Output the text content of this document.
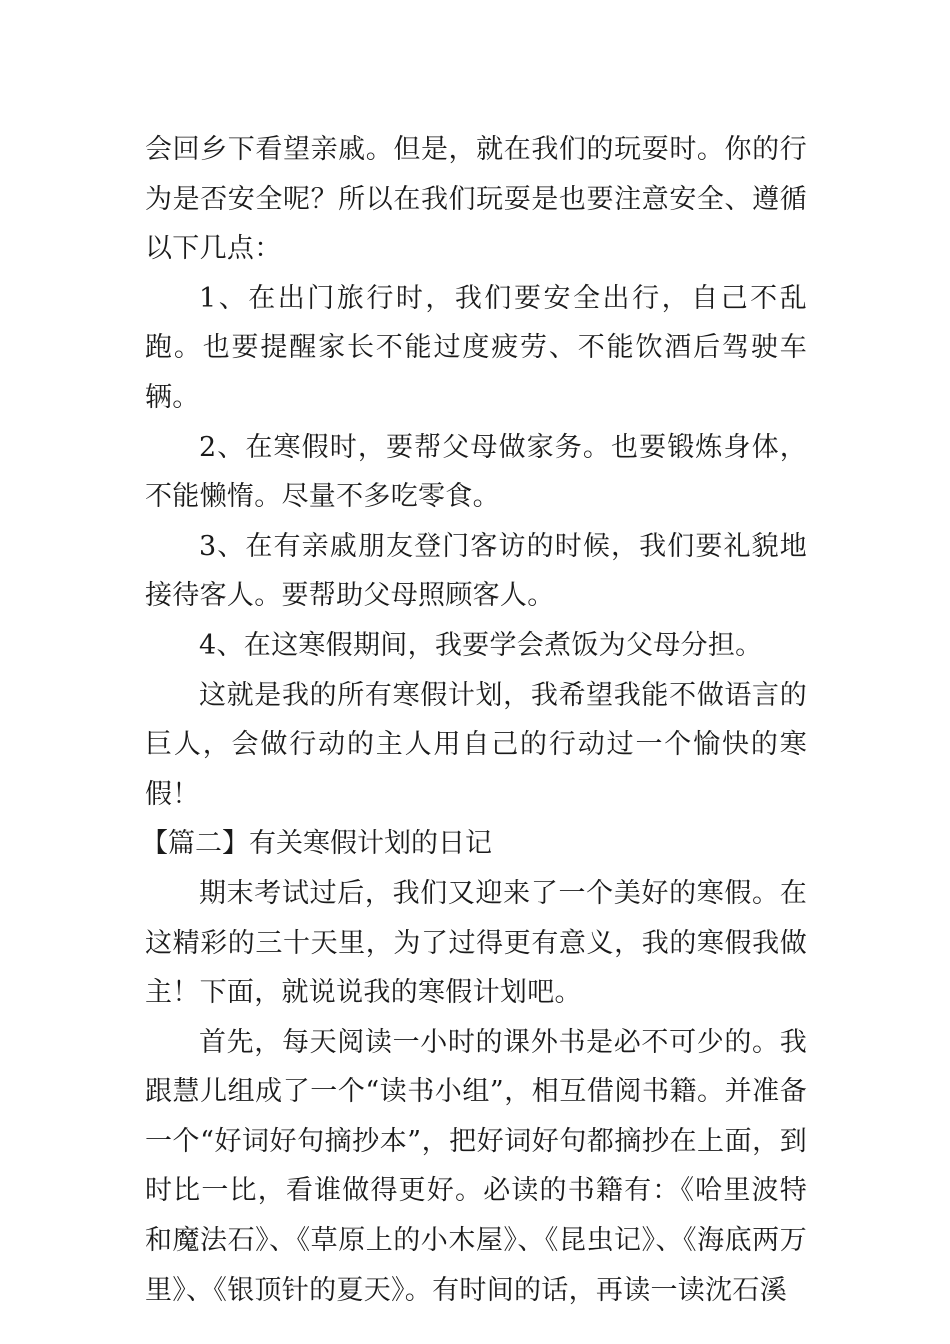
会回乡下看望亲戚。但是，就在我们的玩耍时。你的行为是否安全呢？所以在我们玩耍是也要注意安全、遵循以下几点：

1、在出门旅行时，我们要安全出行，自己不乱跑。也要提醒家长不能过度疲劳、不能饮酒后驾驶车辆。

2、在寒假时，要帮父母做家务。也要锻炼身体，不能懒惰。尽量不多吃零食。

3、在有亲戚朋友登门客访的时候，我们要礼貌地接待客人。要帮助父母照顾客人。

4、在这寒假期间，我要学会煮饭为父母分担。

这就是我的所有寒假计划，我希望我能不做语言的巨人，会做行动的主人用自己的行动过一个愉快的寒假！

【篇二】有关寒假计划的日记

期末考试过后，我们又迎来了一个美好的寒假。在这精彩的三十天里，为了过得更有意义，我的寒假我做主！下面，就说说我的寒假计划吧。

首先，每天阅读一小时的课外书是必不可少的。我跟慧儿组成了一个“读书小组”，相互借阅书籍。并准备一个“好词好句摘抄本”，把好词好句都摘抄在上面，到时比一比，看谁做得更好。必读的书籍有：《哈里波特和魔法石》、《草原上的小木屋》、《昆虫记》、《海底两万里》、《银顶针的夏天》。有时间的话，再读一读沈石溪
